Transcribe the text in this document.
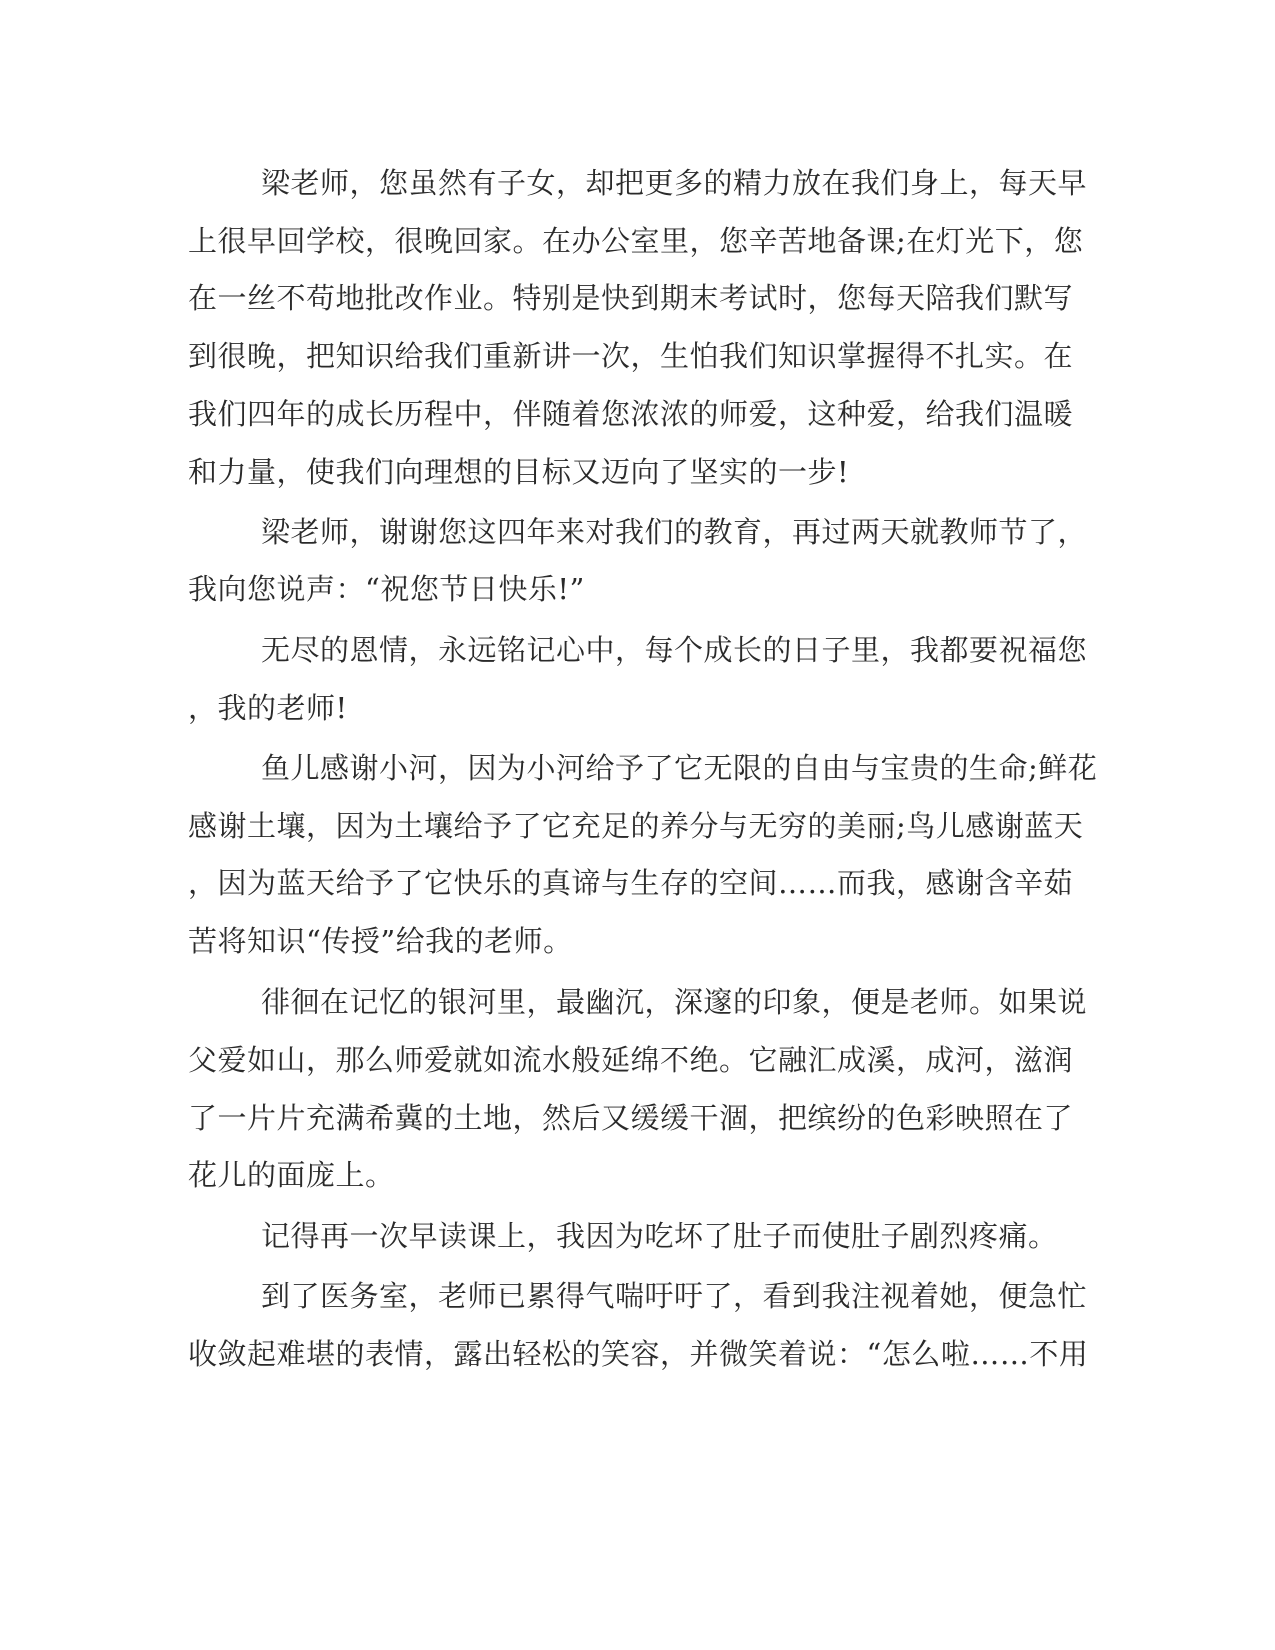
梁老师，您虽然有子女，却把更多的精力放在我们身上，每天早

上很早回学校，很晚回家。在办公室里，您辛苦地备课;在灯光下，您

在一丝不苟地批改作业。特别是快到期末考试时，您每天陪我们默写

到很晚，把知识给我们重新讲一次，生怕我们知识掌握得不扎实。在

我们四年的成长历程中，伴随着您浓浓的师爱，这种爱，给我们温暖

和力量，使我们向理想的目标又迈向了坚实的一步!

梁老师，谢谢您这四年来对我们的教育，再过两天就教师节了，

我向您说声：“祝您节日快乐!”

无尽的恩情，永远铭记心中，每个成长的日子里，我都要祝福您

，我的老师!

鱼儿感谢小河，因为小河给予了它无限的自由与宝贵的生命;鲜花

感谢土壤，因为土壤给予了它充足的养分与无穷的美丽;鸟儿感谢蓝天

，因为蓝天给予了它快乐的真谛与生存的空间……而我，感谢含辛茹

苦将知识“传授”给我的老师。

徘徊在记忆的银河里，最幽沉，深邃的印象，便是老师。如果说

父爱如山，那么师爱就如流水般延绵不绝。它融汇成溪，成河，滋润

了一片片充满希冀的土地，然后又缓缓干涸，把缤纷的色彩映照在了

花儿的面庞上。

记得再一次早读课上，我因为吃坏了肚子而使肚子剧烈疼痛。

到了医务室，老师已累得气喘吁吁了，看到我注视着她，便急忙

收敛起难堪的表情，露出轻松的笑容，并微笑着说：“怎么啦……不用
